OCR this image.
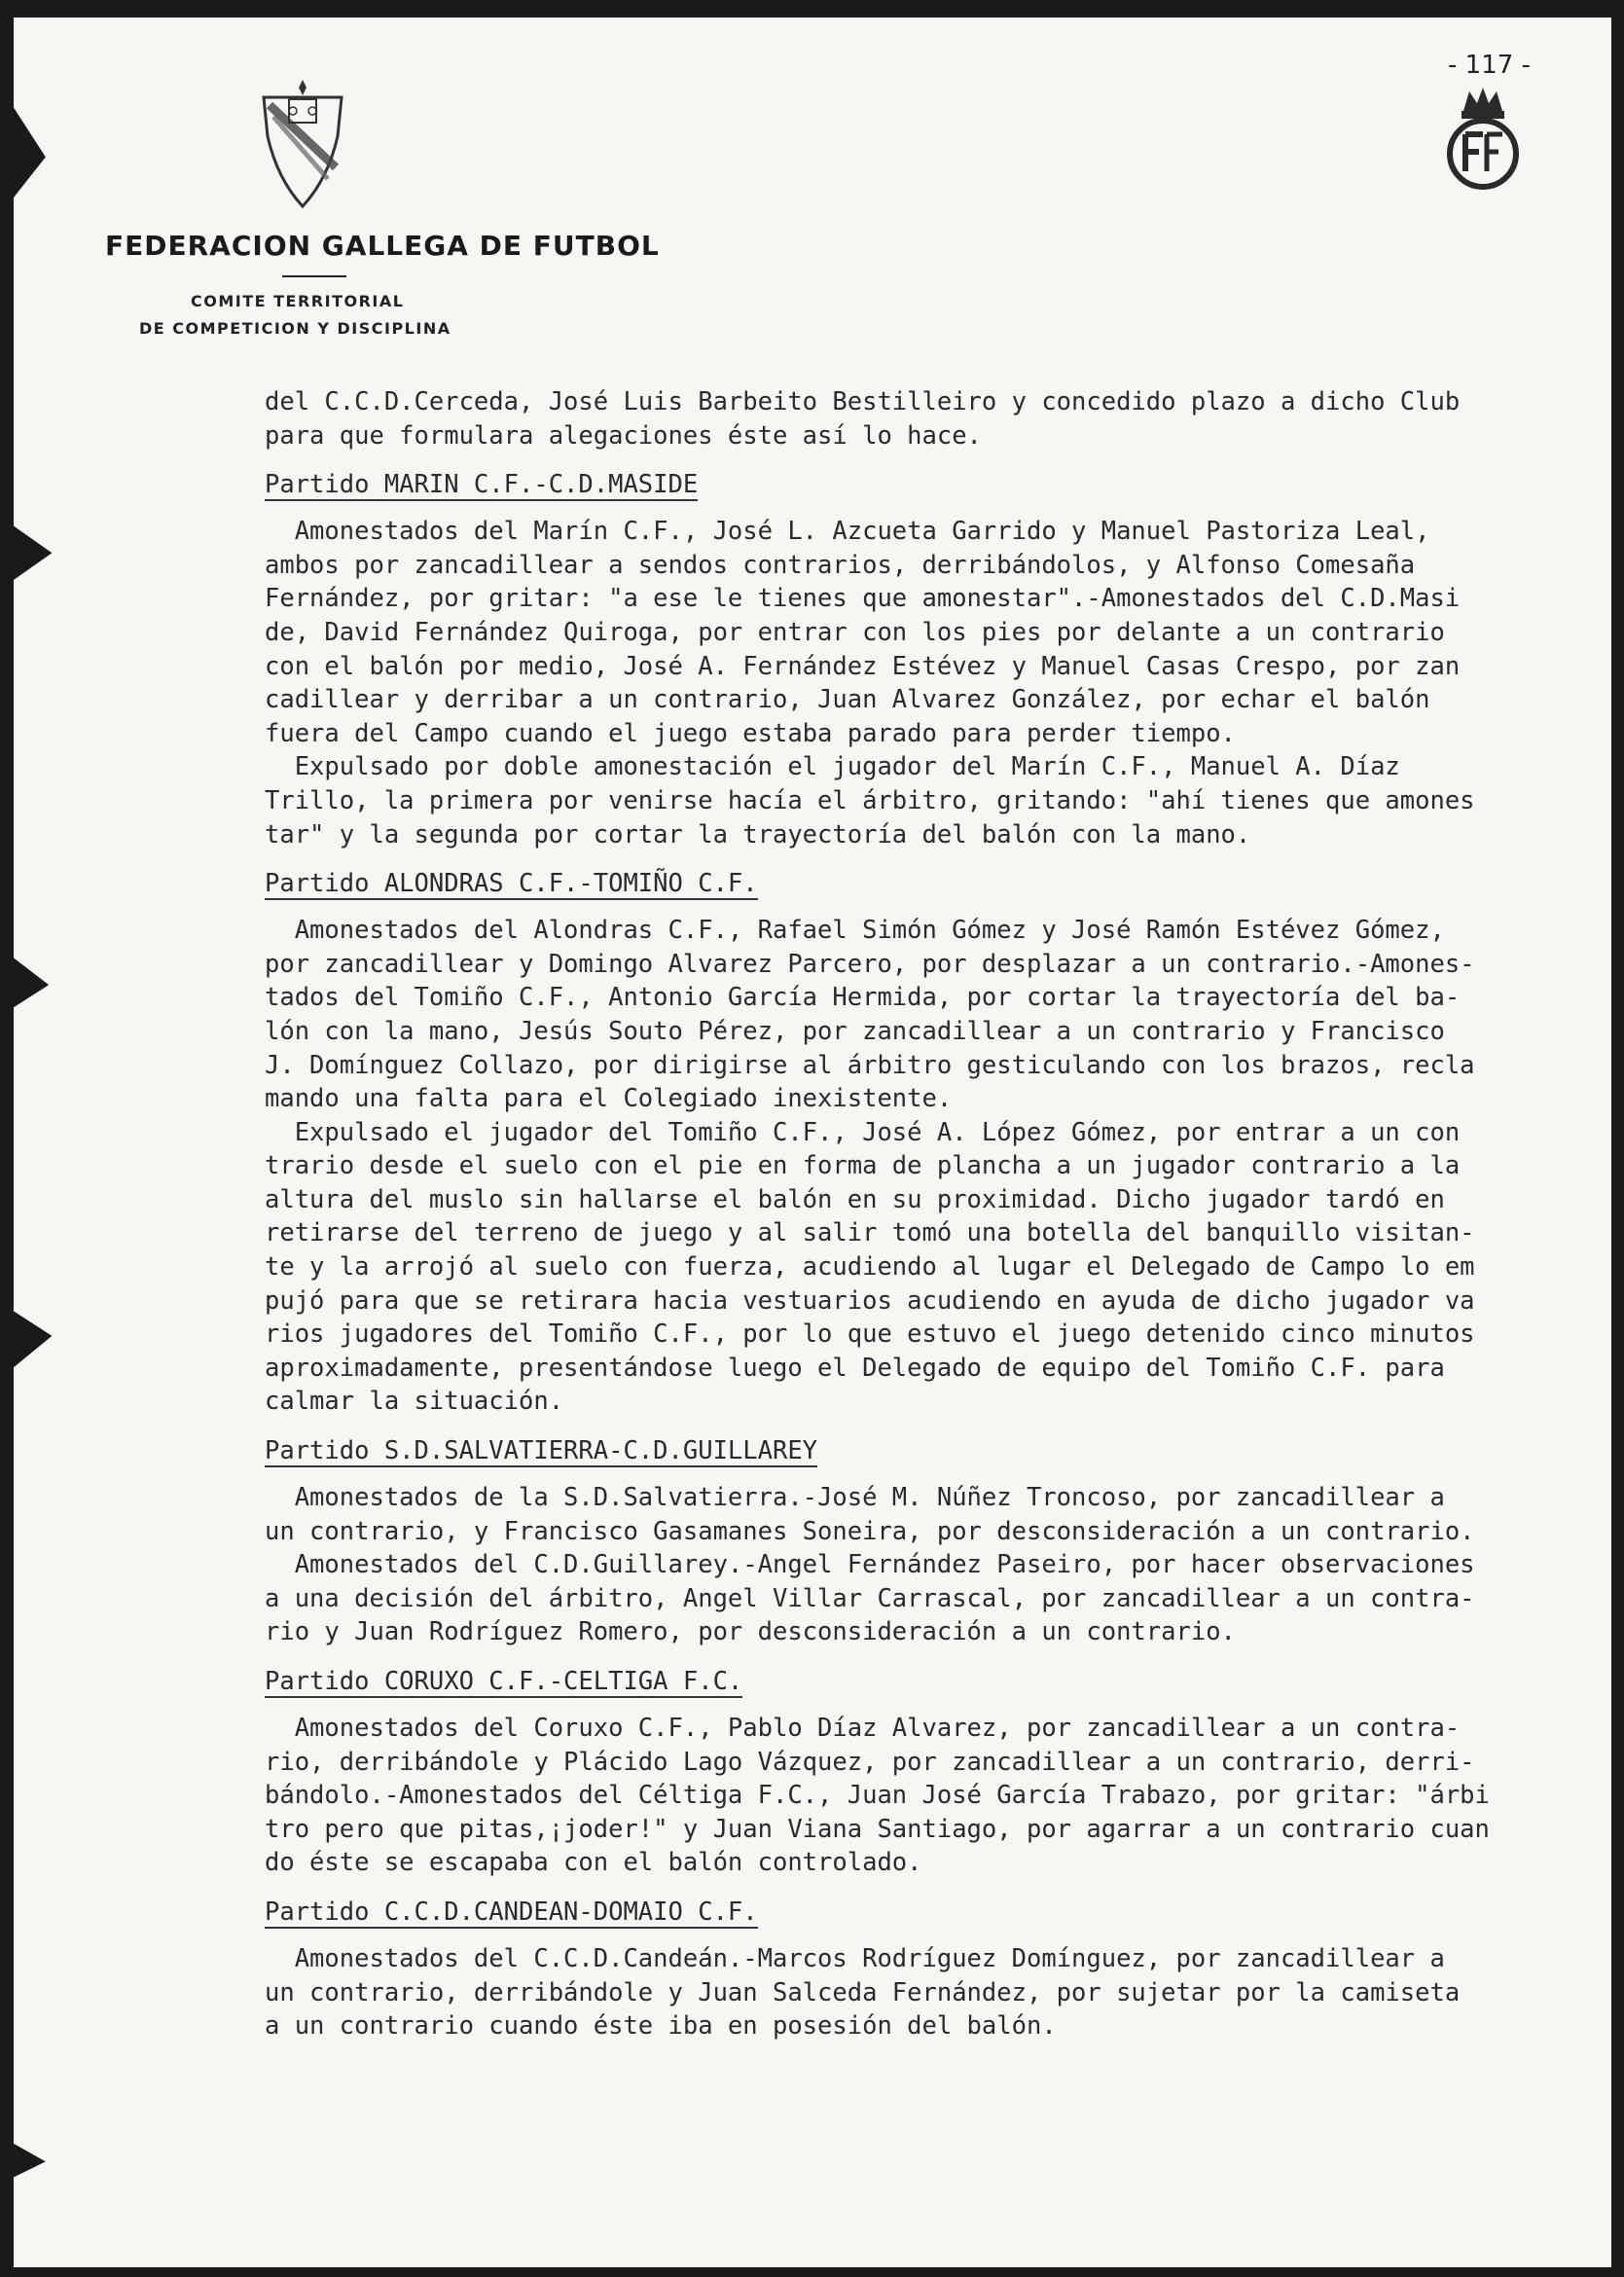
FEDERACION GALLEGA DE FUTBOL
COMITE TERRITORIAL
DE COMPETICION Y DISCIPLINA
- 117 -
del C.C.D.Cerceda, José Luis Barbeito Bestilleiro y concedido plazo a dicho Club
para que formulara alegaciones éste así lo hace.
Partido MARIN C.F.-C.D.MASIDE
Amonestados del Marín C.F., José L. Azcueta Garrido y Manuel Pastoriza Leal,
ambos por zancadillear a sendos contrarios, derribándolos, y Alfonso Comesaña
Fernández, por gritar: "a ese le tienes que amonestar".-Amonestados del C.D.Masi
de, David Fernández Quiroga, por entrar con los pies por delante a un contrario
con el balón por medio, José A. Fernández Estévez y Manuel Casas Crespo, por zan
cadillear y derribar a un contrario, Juan Alvarez González, por echar el balón
fuera del Campo cuando el juego estaba parado para perder tiempo.
Expulsado por doble amonestación el jugador del Marín C.F., Manuel A. Díaz
Trillo, la primera por venirse hacía el árbitro, gritando: "ahí tienes que amones
tar" y la segunda por cortar la trayectoría del balón con la mano.
Partido ALONDRAS C.F.-TOMIÑO C.F.
Amonestados del Alondras C.F., Rafael Simón Gómez y José Ramón Estévez Gómez,
por zancadillear y Domingo Alvarez Parcero, por desplazar a un contrario.-Amones-
tados del Tomiño C.F., Antonio García Hermida, por cortar la trayectoría del ba-
lón con la mano, Jesús Souto Pérez, por zancadillear a un contrario y Francisco
J. Domínguez Collazo, por dirigirse al árbitro gesticulando con los brazos, recla
mando una falta para el Colegiado inexistente.
Expulsado el jugador del Tomiño C.F., José A. López Gómez, por entrar a un con
trario desde el suelo con el pie en forma de plancha a un jugador contrario a la
altura del muslo sin hallarse el balón en su proximidad. Dicho jugador tardó en
retirarse del terreno de juego y al salir tomó una botella del banquillo visitan-
te y la arrojó al suelo con fuerza, acudiendo al lugar el Delegado de Campo lo em
pujó para que se retirara hacia vestuarios acudiendo en ayuda de dicho jugador va
rios jugadores del Tomiño C.F., por lo que estuvo el juego detenido cinco minutos
aproximadamente, presentándose luego el Delegado de equipo del Tomiño C.F. para
calmar la situación.
Partido S.D.SALVATIERRA-C.D.GUILLAREY
Amonestados de la S.D.Salvatierra.-José M. Núñez Troncoso, por zancadillear a
un contrario, y Francisco Gasamanes Soneira, por desconsideración a un contrario.
Amonestados del C.D.Guillarey.-Angel Fernández Paseiro, por hacer observaciones
a una decisión del árbitro, Angel Villar Carrascal, por zancadillear a un contra-
rio y Juan Rodríguez Romero, por desconsideración a un contrario.
Partido CORUXO C.F.-CELTIGA F.C.
Amonestados del Coruxo C.F., Pablo Díaz Alvarez, por zancadillear a un contra-
rio, derribándole y Plácido Lago Vázquez, por zancadillear a un contrario, derri-
bándolo.-Amonestados del Céltiga F.C., Juan José García Trabazo, por gritar: "árbi
tro pero que pitas,¡joder!" y Juan Viana Santiago, por agarrar a un contrario cuan
do éste se escapaba con el balón controlado.
Partido C.C.D.CANDEAN-DOMAIO C.F.
Amonestados del C.C.D.Candeán.-Marcos Rodríguez Domínguez, por zancadillear a
un contrario, derribándole y Juan Salceda Fernández, por sujetar por la camiseta
a un contrario cuando éste iba en posesión del balón.
